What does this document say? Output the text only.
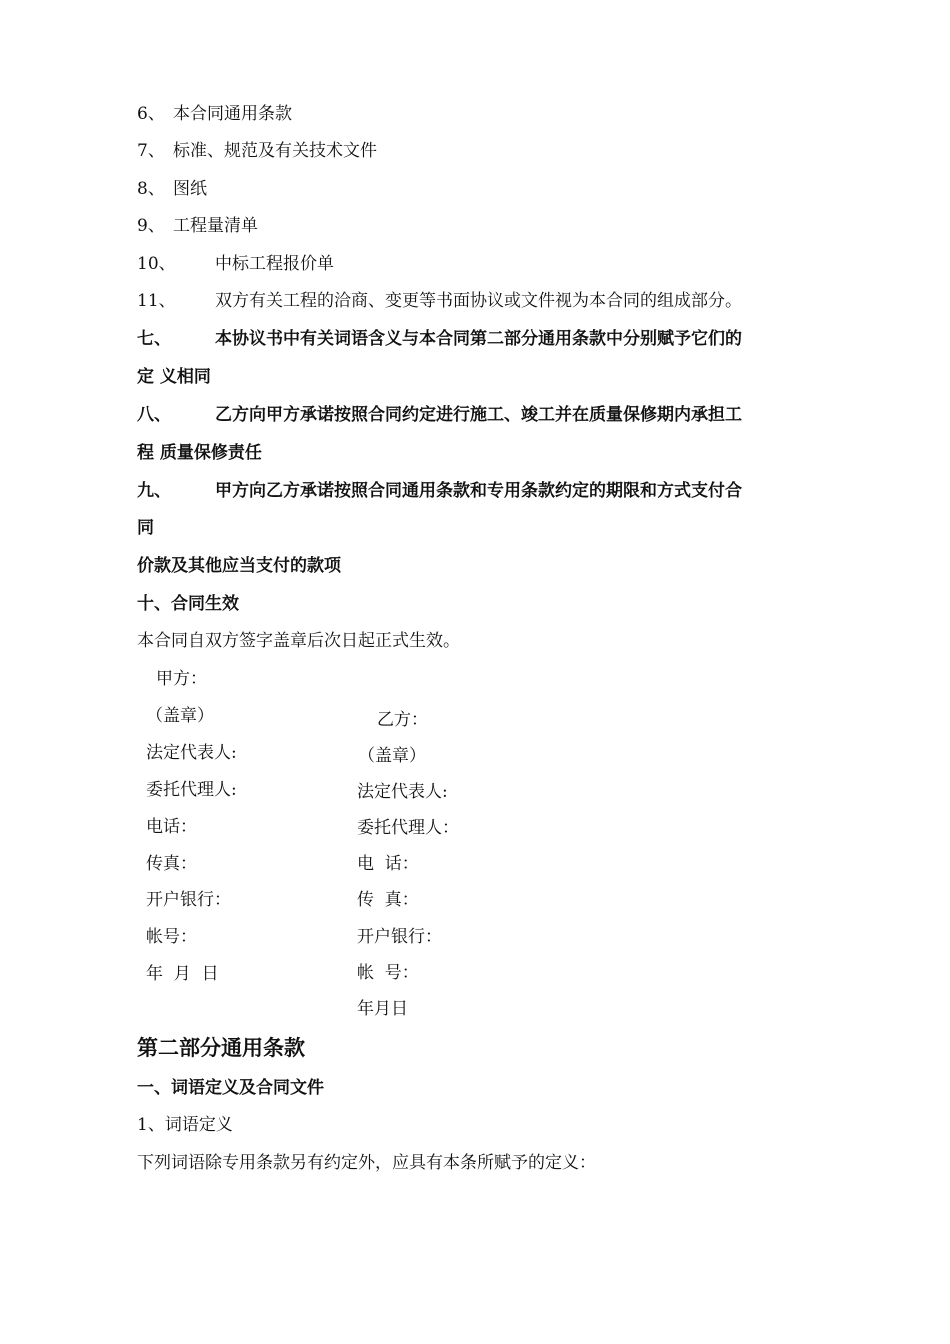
6、 本合同通用条款
7、 标准、规范及有关技术文件
8、 图纸
9、 工程量清单
10、 中标工程报价单
11、 双方有关工程的洽商、变更等书面协议或文件视为本合同的组成部分。
七、	本协议书中有关词语含义与本合同第二部分通用条款中分别赋予它们的
定 义相同
八、	乙方向甲方承诺按照合同约定进行施工、竣工并在质量保修期内承担工
程 质量保修责任
九、	甲方向乙方承诺按照合同通用条款和专用条款约定的期限和方式支付合
同
价款及其他应当支付的款项
十、合同生效
本合同自双方签字盖章后次日起正式生效。
甲方：
（盖章）
法定代表人:
委托代理人:
电话：
传真：
开户银行：
帐号：
年  月  日
乙方：
（盖章）
法定代表人:
委托代理人：
电  话：
传  真：
开户银行：
帐  号：
年月日
第二部分通用条款
一、词语定义及合同文件
1、词语定义
下列词语除专用条款另有约定外，应具有本条所赋予的定义：
